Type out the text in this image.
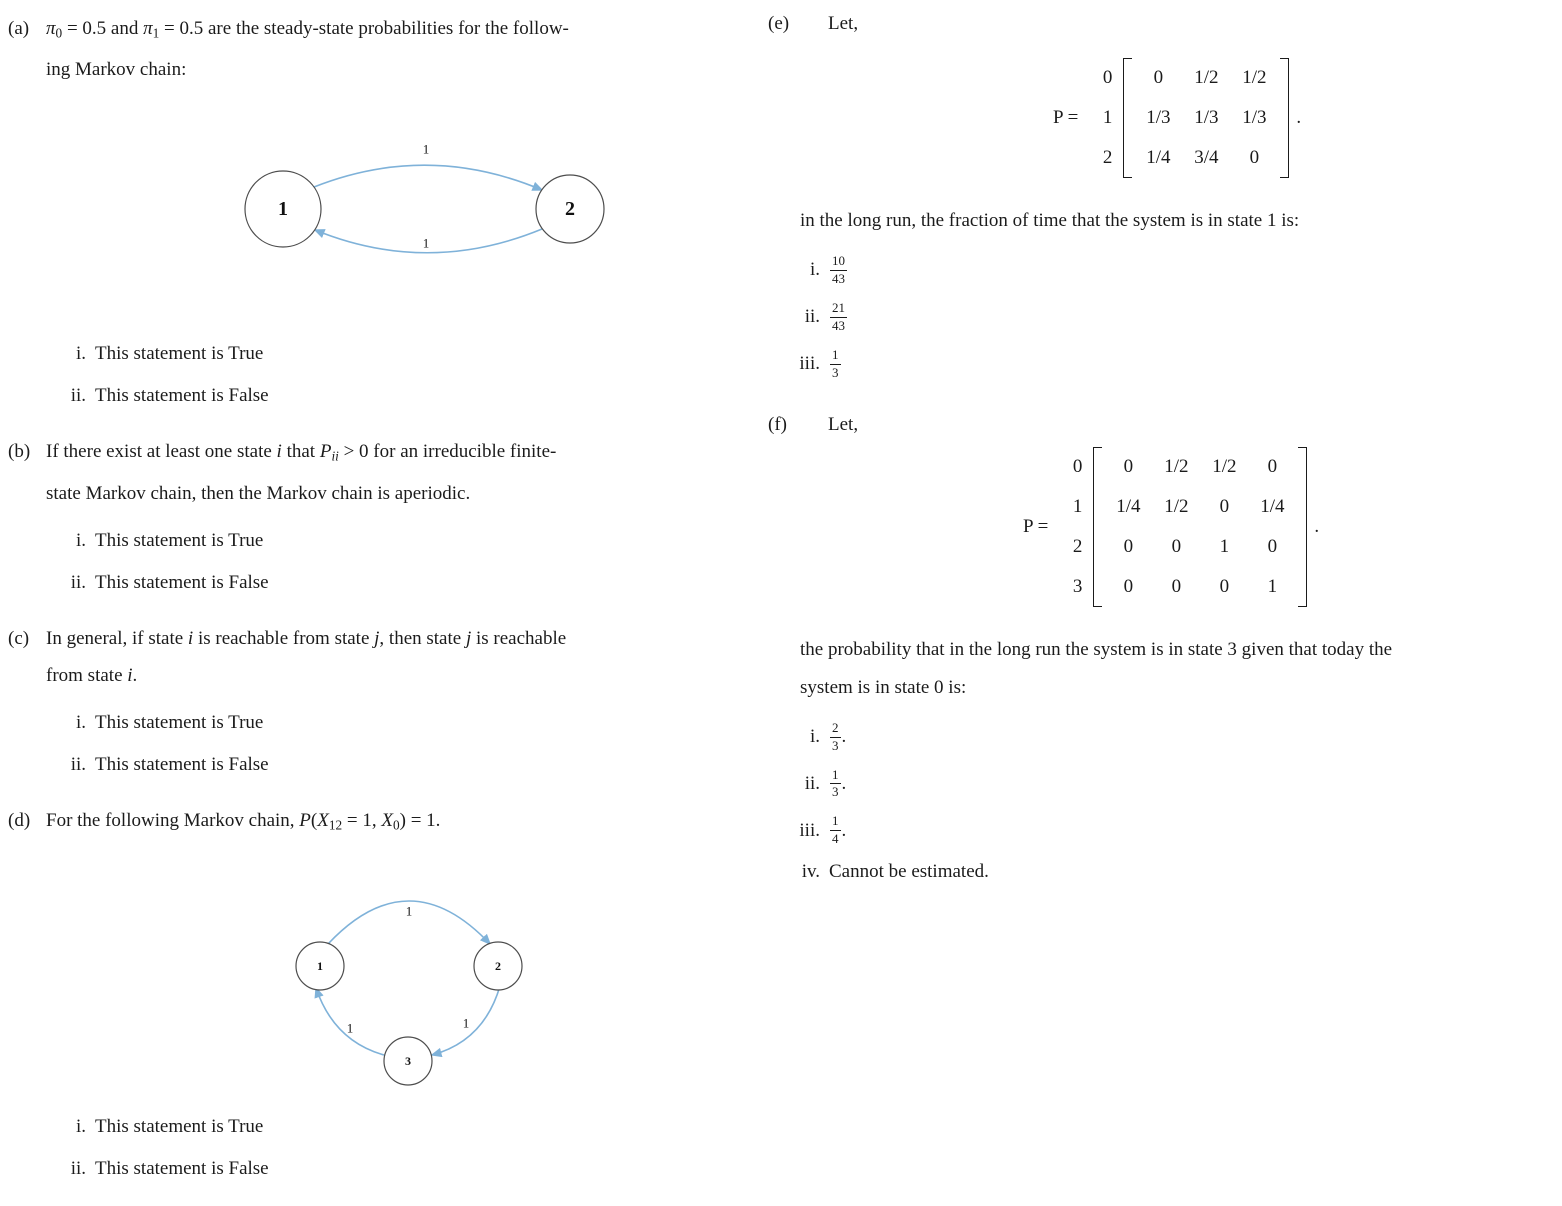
(a) $\pi_0 = 0.5$ and $\pi_1 = 0.5$ are the steady-state probabilities for the follow-
ing Markov chain:
1	2
1
1
i. This statement is True
ii. This statement is False
(b) If there exist at least one state i that $P_{ii} > 0$ for an irreducible finite-
state Markov chain, then the Markov chain is aperiodic.
i. This statement is True
ii. This statement is False
(c) In general, if state i is reachable from state j, then state j is reachable
from state i.
i. This statement is True
ii. This statement is False
(d) For the following Markov chain, $P(X_{12} = 1$, $X_0) = 1$.
1	2
3
1
1
1
i. This statement is True
ii. This statement is False
(e)	Let,
P =
0
1
2
0	1/2	1/2
1/3	1/3	1/3
1/4	3/4	0
.
in the long run, the fraction of time that the system is in state 1 is:
i. $\frac{10}{43}$
ii. $\frac{21}{43}$
iii. $\frac{1}{3}$
(f)	Let,
P =
0
1
2
3
0	1/2	1/2	0
1/4	1/2	0	1/4
0	0	1	0
0	0	0	1
.
the probability that in the long run the system is in state 3 given that today the
system is in state 0 is:
i. $\frac{2}{3}$ .
ii. $\frac{1}{3}$ .
iii. $\frac{1}{4}$ .
iv. Cannot be estimated.
